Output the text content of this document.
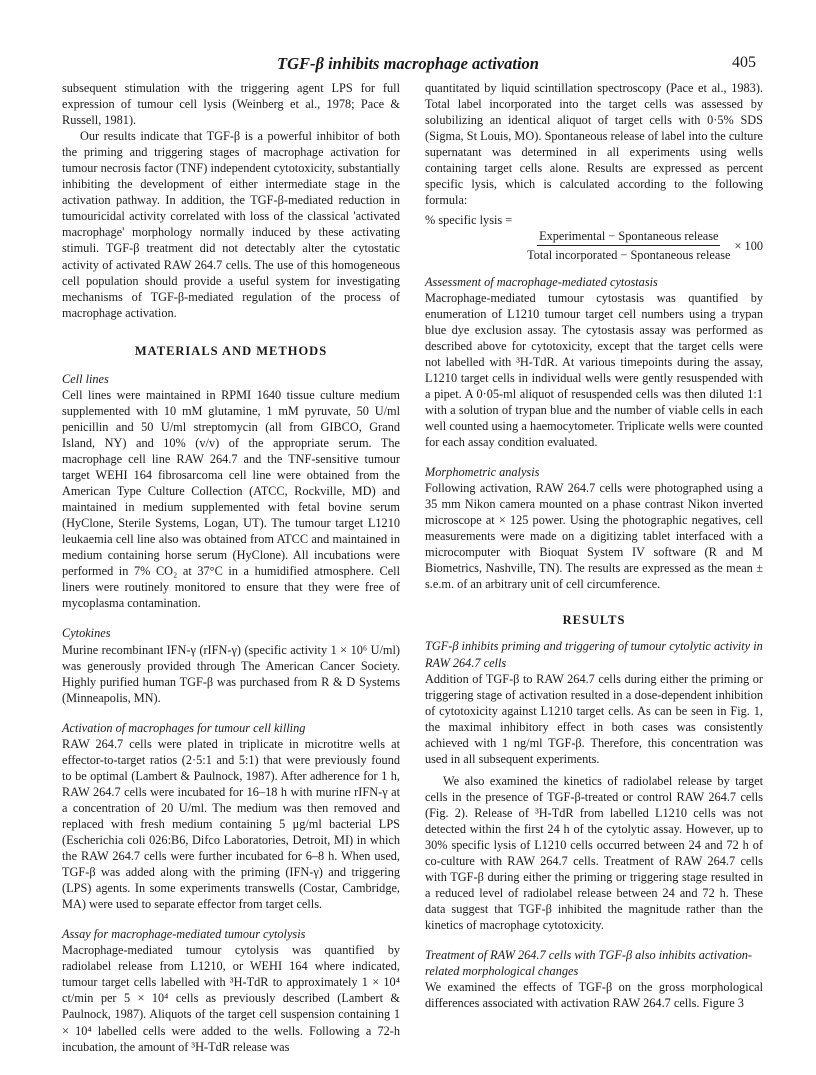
TGF-β inhibits macrophage activation	405

subsequent stimulation with the triggering agent LPS for full expression of tumour cell lysis (Weinberg et al., 1978; Pace & Russell, 1981).

Our results indicate that TGF-β is a powerful inhibitor of both the priming and triggering stages of macrophage activation for tumour necrosis factor (TNF) independent cytotoxicity, substantially inhibiting the development of either intermediate stage in the activation pathway. In addition, the TGF-β-mediated reduction in tumouricidal activity correlated with loss of the classical 'activated macrophage' morphology normally induced by these activating stimuli. TGF-β treatment did not detectably alter the cytostatic activity of activated RAW 264.7 cells. The use of this homogeneous cell population should provide a useful system for investigating mechanisms of TGF-β-mediated regulation of the process of macrophage activation.

MATERIALS AND METHODS
Cell lines

Cell lines were maintained in RPMI 1640 tissue culture medium supplemented with 10 mM glutamine, 1 mM pyruvate, 50 U/ml penicillin and 50 U/ml streptomycin (all from GIBCO, Grand Island, NY) and 10% (v/v) of the appropriate serum. The macrophage cell line RAW 264.7 and the TNF-sensitive tumour target WEHI 164 fibrosarcoma cell line were obtained from the American Type Culture Collection (ATCC, Rockville, MD) and maintained in medium supplemented with fetal bovine serum (HyClone, Sterile Systems, Logan, UT). The tumour target L1210 leukaemia cell line also was obtained from ATCC and maintained in medium containing horse serum (HyClone). All incubations were performed in 7% CO₂ at 37°C in a humidified atmosphere. Cell liners were routinely monitored to ensure that they were free of mycoplasma contamination.

Cytokines

Murine recombinant IFN-γ (rIFN-γ) (specific activity 1 × 10⁶ U/ml) was generously provided through The American Cancer Society. Highly purified human TGF-β was purchased from R & D Systems (Minneapolis, MN).

Activation of macrophages for tumour cell killing

RAW 264.7 cells were plated in triplicate in microtitre wells at effector-to-target ratios (2·5:1 and 5:1) that were previously found to be optimal (Lambert & Paulnock, 1987). After adherence for 1 h, RAW 264.7 cells were incubated for 16–18 h with murine rIFN-γ at a concentration of 20 U/ml. The medium was then removed and replaced with fresh medium containing 5 μg/ml bacterial LPS (Escherichia coli 026:B6, Difco Laboratories, Detroit, MI) in which the RAW 264.7 cells were further incubated for 6–8 h. When used, TGF-β was added along with the priming (IFN-γ) and triggering (LPS) agents. In some experiments transwells (Costar, Cambridge, MA) were used to separate effector from target cells.

Assay for macrophage-mediated tumour cytolysis

Macrophage-mediated tumour cytolysis was quantified by radiolabel release from L1210, or WEHI 164 where indicated, tumour target cells labelled with ³H-TdR to approximately 1 × 10⁴ ct/min per 5 × 10⁴ cells as previously described (Lambert & Paulnock, 1987). Aliquots of the target cell suspension containing 1 × 10⁴ labelled cells were added to the wells. Following a 72-h incubation, the amount of ³H-TdR release was

quantitated by liquid scintillation spectroscopy (Pace et al., 1983). Total label incorporated into the target cells was assessed by solubilizing an identical aliquot of target cells with 0·5% SDS (Sigma, St Louis, MO). Spontaneous release of label into the culture supernatant was determined in all experiments using wells containing target cells alone. Results are expressed as percent specific lysis, which is calculated according to the following formula:

% specific lysis =
$\frac{\text{Experimental − Spontaneous release}}{\text{Total incorporated − Spontaneous release}} \times 100$
Assessment of macrophage-mediated cytostasis

Macrophage-mediated tumour cytostasis was quantified by enumeration of L1210 tumour target cell numbers using a trypan blue dye exclusion assay. The cytostasis assay was performed as described above for cytotoxicity, except that the target cells were not labelled with ³H-TdR. At various timepoints during the assay, L1210 target cells in individual wells were gently resuspended with a pipet. A 0·05-ml aliquot of resuspended cells was then diluted 1:1 with a solution of trypan blue and the number of viable cells in each well counted using a haemocytometer. Triplicate wells were counted for each assay condition evaluated.

Morphometric analysis

Following activation, RAW 264.7 cells were photographed using a 35 mm Nikon camera mounted on a phase contrast Nikon inverted microscope at × 125 power. Using the photographic negatives, cell measurements were made on a digitizing tablet interfaced with a microcomputer with Bioquat System IV software (R and M Biometrics, Nashville, TN). The results are expressed as the mean ± s.e.m. of an arbitrary unit of cell circumference.

RESULTS
TGF-β inhibits priming and triggering of tumour cytolytic activity in RAW 264.7 cells

Addition of TGF-β to RAW 264.7 cells during either the priming or triggering stage of activation resulted in a dose-dependent inhibition of cytotoxicity against L1210 target cells. As can be seen in Fig. 1, the maximal inhibitory effect in both cases was consistently achieved with 1 ng/ml TGF-β. Therefore, this concentration was used in all subsequent experiments.

We also examined the kinetics of radiolabel release by target cells in the presence of TGF-β-treated or control RAW 264.7 cells (Fig. 2). Release of ³H-TdR from labelled L1210 cells was not detected within the first 24 h of the cytolytic assay. However, up to 30% specific lysis of L1210 cells occurred between 24 and 72 h of co-culture with RAW 264.7 cells. Treatment of RAW 264.7 cells with TGF-β during either the priming or triggering stage resulted in a reduced level of radiolabel release between 24 and 72 h. These data suggest that TGF-β inhibited the magnitude rather than the kinetics of macrophage cytotoxicity.

Treatment of RAW 264.7 cells with TGF-β also inhibits activation-related morphological changes

We examined the effects of TGF-β on the gross morphological differences associated with activation RAW 264.7 cells. Figure 3
